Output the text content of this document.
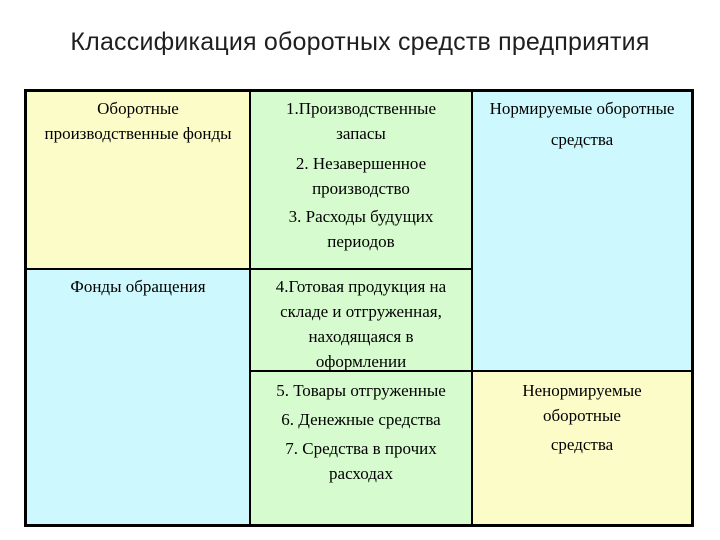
Классификация оборотных средств предприятия
Оборотные
производственные фонды
Фонды обращения
1.Производственные
запасы
2. Незавершенное
производство
3. Расходы будущих
периодов
4.Готовая продукция на
складе и отгруженная,
находящаяся в
оформлении
5. Товары отгруженные
6. Денежные средства
7. Средства в прочих
расходах
Нормируемые оборотные
средства
Ненормируемые
оборотные
средства
